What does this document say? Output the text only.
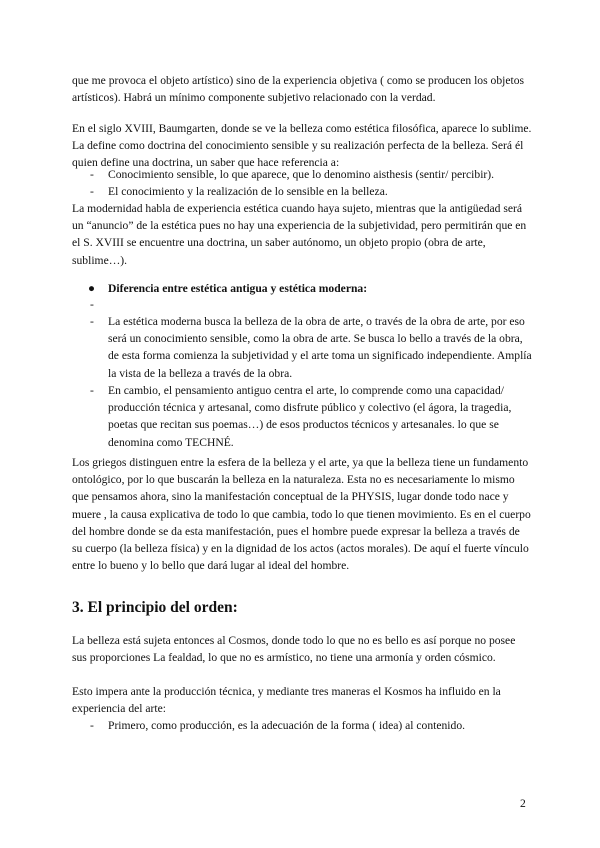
que me provoca el objeto artístico) sino de la experiencia objetiva ( como se producen los objetos artísticos). Habrá un mínimo componente subjetivo relacionado con la verdad.

En el siglo XVIII, Baumgarten, donde se ve la belleza como estética filosófica, aparece lo sublime. La define como doctrina del conocimiento sensible y su realización perfecta de la belleza. Será él quien define una doctrina, un saber que hace referencia a:

- Conocimiento sensible, lo que aparece, que lo denomino aisthesis (sentir/ percibir).
- El conocimiento y la realización de lo sensible en la belleza.

La modernidad habla de experiencia estética cuando haya sujeto, mientras que la antigüedad será un “anuncio” de la estética pues no hay una experiencia de la subjetividad, pero permitirán que en el S. XVIII se encuentre una doctrina, un saber autónomo, un objeto propio (obra de arte, sublime…).

● Diferencia entre estética antigua y estética moderna:
-
- La estética moderna busca la belleza de la obra de arte, o través de la obra de arte, por eso será un conocimiento sensible, como la obra de arte. Se busca lo bello a través de la obra, de esta forma comienza la subjetividad y el arte toma un significado independiente. Amplía la vista de la belleza a través de la obra.
- En cambio, el pensamiento antiguo centra el arte, lo comprende como una capacidad/ producción técnica y artesanal, como disfrute público y colectivo (el ágora, la tragedia, poetas que recitan sus poemas…) de esos productos técnicos y artesanales. lo que se denomina como TECHNÉ.

Los griegos distinguen entre la esfera de la belleza y el arte, ya que la belleza tiene un fundamento ontológico, por lo que buscarán la belleza en la naturaleza. Esta no es necesariamente lo mismo que pensamos ahora, sino la manifestación conceptual de la PHYSIS, lugar donde todo nace y muere , la causa explicativa de todo lo que cambia, todo lo que tienen movimiento. Es en el cuerpo del hombre donde se da esta manifestación, pues el hombre puede expresar la belleza a través de su cuerpo (la belleza física) y en la dignidad de los actos (actos morales). De aquí el fuerte vínculo entre lo bueno y lo bello que dará lugar al ideal del hombre.

3. El principio del orden:

La belleza está sujeta entonces al Cosmos, donde todo lo que no es bello es así porque no posee sus proporciones La fealdad, lo que no es armístico, no tiene una armonía y orden cósmico.

Esto impera ante la producción técnica, y mediante tres maneras el Kosmos ha influido en la experiencia del arte:

- Primero, como producción, es la adecuación de la forma ( idea) al contenido.
2
